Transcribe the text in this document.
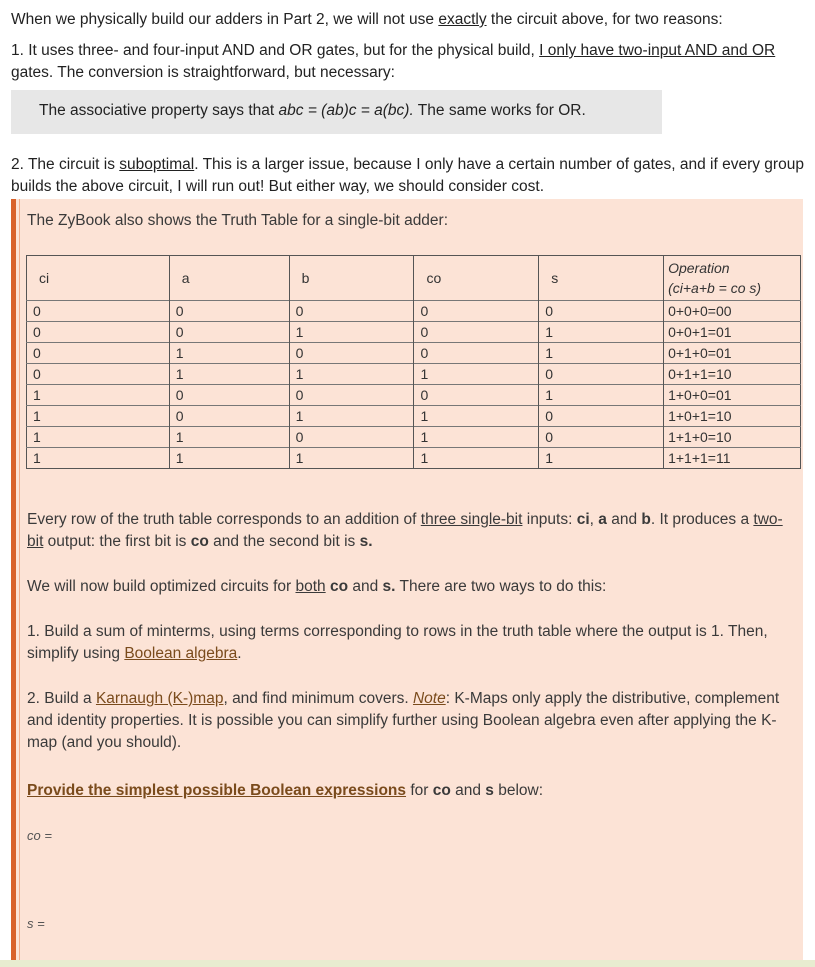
When we physically build our adders in Part 2, we will not use exactly the circuit above, for two reasons:
1. It uses three- and four-input AND and OR gates, but for the physical build, I only have two-input AND and OR gates. The conversion is straightforward, but necessary:
The associative property says that abc = (ab)c = a(bc). The same works for OR.
2. The circuit is suboptimal. This is a larger issue, because I only have a certain number of gates, and if every group builds the above circuit, I will run out! But either way, we should consider cost.
The ZyBook also shows the Truth Table for a single-bit adder:
ci	a	b	co	s	Operation
(ci+a+b = co s)

0	0	0	0	0	0+0+0=00
0	0	1	0	1	0+0+1=01
0	1	0	0	1	0+1+0=01
0	1	1	1	0	0+1+1=10
1	0	0	0	1	1+0+0=01
1	0	1	1	0	1+0+1=10
1	1	0	1	0	1+1+0=10
1	1	1	1	1	1+1+1=11
Every row of the truth table corresponds to an addition of three single-bit inputs: ci, a and b. It produces a two-bit output: the first bit is co and the second bit is s.
We will now build optimized circuits for both co and s. There are two ways to do this:
1. Build a sum of minterms, using terms corresponding to rows in the truth table where the output is 1. Then, simplify using Boolean algebra.
2. Build a Karnaugh (K-)map, and find minimum covers. Note: K-Maps only apply the distributive, complement and identity properties. It is possible you can simplify further using Boolean algebra even after applying the K-map (and you should).
Provide the simplest possible Boolean expressions for co and s below:
co =
s =
